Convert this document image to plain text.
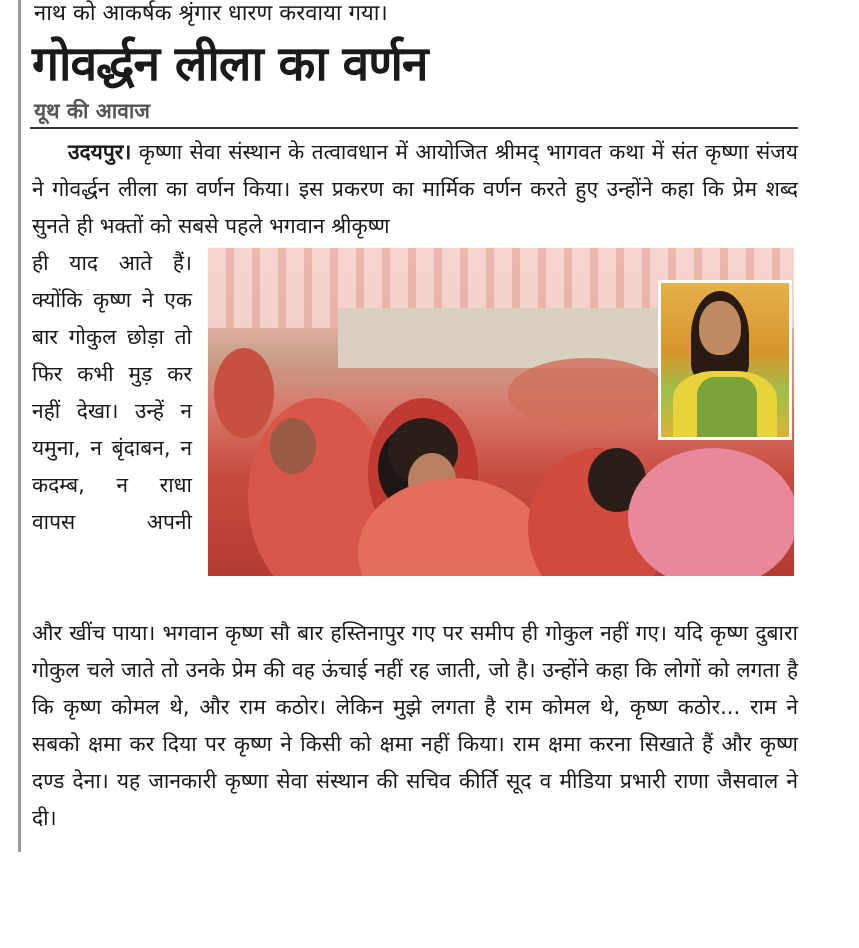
नाथ को आकर्षक श्रृंगार धारण करवाया गया।
गोवर्द्धन लीला का वर्णन
यूथ की आवाज

उदयपुर। कृष्णा सेवा संस्थान के तत्वावधान में आयोजित श्रीमद् भागवत कथा में संत कृष्णा संजय ने गोवर्द्धन लीला का वर्णन किया। इस प्रकरण का मार्मिक वर्णन करते हुए उन्होंने कहा कि प्रेम शब्द सुनते ही भक्तों को सबसे पहले भगवान श्रीकृष्ण

ही याद आते हैं। क्योंकि कृष्ण ने एक बार गोकुल छोड़ा तो फिर कभी मुड़ कर नहीं देखा। उन्हें न यमुना, न बृंदाबन, न कदम्ब, न राधा वापस अपनी

और खींच पाया। भगवान कृष्ण सौ बार हस्तिनापुर गए पर समीप ही गोकुल नहीं गए। यदि कृष्ण दुबारा गोकुल चले जाते तो उनके प्रेम की वह ऊंचाई नहीं रह जाती, जो है। उन्होंने कहा कि लोगों को लगता है कि कृष्ण कोमल थे, और राम कठोर। लेकिन मुझे लगता है राम कोमल थे, कृष्ण कठोर... राम ने सबको क्षमा कर दिया पर कृष्ण ने किसी को क्षमा नहीं किया। राम क्षमा करना सिखाते हैं और कृष्ण दण्ड देना। यह जानकारी कृष्णा सेवा संस्थान की सचिव कीर्ति सूद व मीडिया प्रभारी राणा जैसवाल ने दी।
